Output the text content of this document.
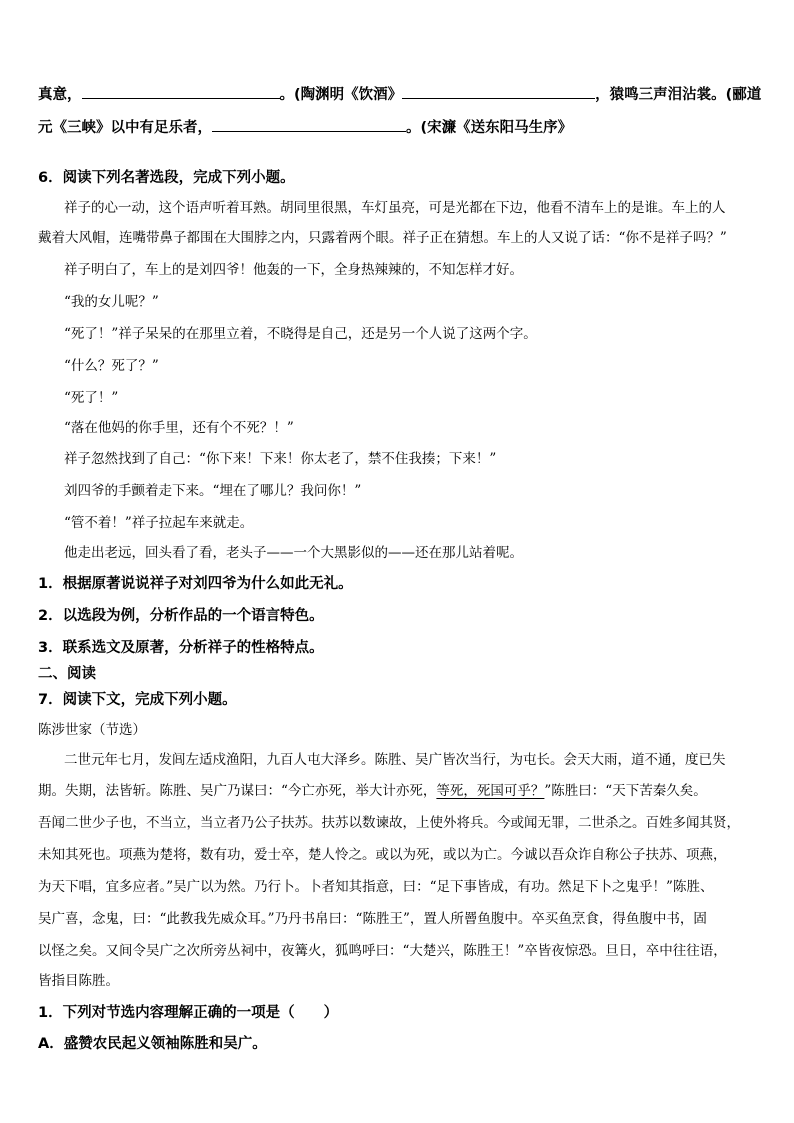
真意，	。(陶渊明《饮酒》	，猿鸣三声泪沾裳。(郦道
元《三峡》以中有足乐者，	。(宋濂《送东阳马生序》
6．阅读下列名著选段，完成下列小题。
祥子的心一动，这个语声听着耳熟。胡同里很黑，车灯虽亮，可是光都在下边，他看不清车上的是谁。车上的人
戴着大风帽，连嘴带鼻子都围在大围脖之内，只露着两个眼。祥子正在猜想。车上的人又说了话：“你不是祥子吗？”
祥子明白了，车上的是刘四爷！他轰的一下，全身热辣辣的，不知怎样才好。
“我的女儿呢？”
“死了！”祥子呆呆的在那里立着，不晓得是自己，还是另一个人说了这两个字。
“什么？死了？”
“死了！”
“落在他妈的你手里，还有个不死？！”
祥子忽然找到了自己：“你下来！下来！你太老了，禁不住我揍；下来！”
刘四爷的手颤着走下来。“埋在了哪儿？我问你！”
“管不着！”祥子拉起车来就走。
他走出老远，回头看了看，老头子——一个大黑影似的——还在那儿站着呢。
1．根据原著说说祥子对刘四爷为什么如此无礼。
2．以选段为例，分析作品的一个语言特色。
3．联系选文及原著，分析祥子的性格特点。
二、阅读
7．阅读下文，完成下列小题。
陈涉世家（节选）
二世元年七月，发闾左适戍渔阳，九百人屯大泽乡。陈胜、吴广皆次当行，为屯长。会天大雨，道不通，度已失
期。失期，法皆斩。陈胜、吴广乃谋曰：“今亡亦死，举大计亦死，等死，死国可乎？”陈胜曰：“天下苦秦久矣。
吾闻二世少子也，不当立，当立者乃公子扶苏。扶苏以数谏故，上使外将兵。今或闻无罪，二世杀之。百姓多闻其贤，
未知其死也。项燕为楚将，数有功，爱士卒，楚人怜之。或以为死，或以为亡。今诚以吾众诈自称公子扶苏、项燕，
为天下唱，宜多应者。”吴广以为然。乃行卜。卜者知其指意，曰：“足下事皆成，有功。然足下卜之鬼乎！”陈胜、
吴广喜，念鬼，曰：“此教我先威众耳。”乃丹书帛曰：“陈胜王”，置人所罾鱼腹中。卒买鱼烹食，得鱼腹中书，固
以怪之矣。又间令吴广之次所旁丛祠中，夜篝火，狐鸣呼曰：“大楚兴，陈胜王！”卒皆夜惊恐。旦日，卒中往往语，
皆指目陈胜。
1．下列对节选内容理解正确的一项是（　　）
A．盛赞农民起义领袖陈胜和吴广。
